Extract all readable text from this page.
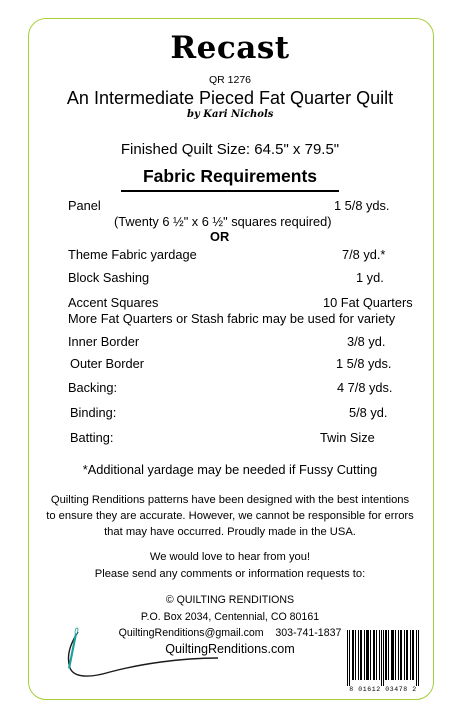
Recast
QR 1276
An Intermediate Pieced Fat Quarter Quilt
by Kari Nichols
Finished Quilt Size: 64.5" x 79.5"
Fabric Requirements
Panel	1 5/8 yds.
(Twenty 6 ½" x 6 ½" squares required)
OR
Theme Fabric yardage	7/8 yd.*
Block Sashing	1 yd.
Accent Squares	10 Fat Quarters
More Fat Quarters or Stash fabric may be used for variety
Inner Border	3/8 yd.
Outer Border	1 5/8 yds.
Backing:	4 7/8 yds.
Binding:	5/8 yd.
Batting:	Twin Size
*Additional yardage may be needed if Fussy Cutting
Quilting Renditions patterns have been designed with the best intentions
to ensure they are accurate. However, we cannot be responsible for errors
that may have occurred. Proudly made in the USA.
We would love to hear from you!
Please send any comments or information requests to:
© QUILTING RENDITIONS
P.O. Box 2034, Centennial, CO 80161
QuiltingRenditions@gmail.com    303-741-1837
QuiltingRenditions.com
8 01612 03478 2
